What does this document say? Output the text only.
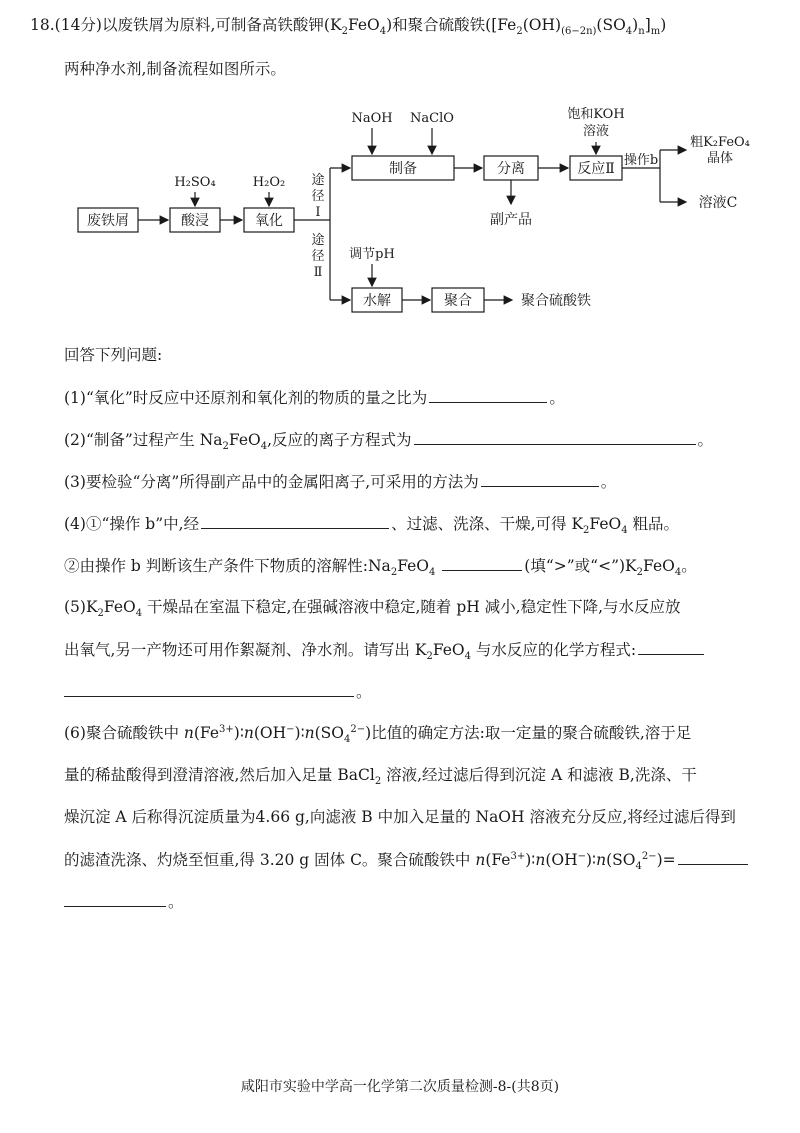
18.(14分)以废铁屑为原料,可制备高铁酸钾$(K_2FeO_4)$和聚合硫酸铁$([Fe_2(OH)_{(6-2n)}(SO_4)_n]_m)$
两种净水剂,制备流程如图所示。
废铁屑	酸浸	氧化
制备	分离	反应Ⅱ
水解	聚合
H₂SO₄	H₂O₂
NaOH NaClO	饱和KOH
溶液
调节pH
途
径
Ⅰ
途
径
Ⅱ
操作b
粗K₂FeO₄
晶体
溶液C
副产品
聚合硫酸铁
回答下列问题:
(1)“氧化”时反应中还原剂和氧化剂的物质的量之比为	。
(2)“制备”过程产生 $Na_2FeO_4$,反应的离子方程式为	。
(3)要检验“分离”所得副产品中的金属阳离子,可采用的方法为	。
(4)①“操作 b”中,经	、过滤、洗涤、干燥,可得 $K_2FeO_4$ 粗品。
②由操作 b 判断该生产条件下物质的溶解性$:Na_2FeO_4$	(填“>”或“$<”)K_2FeO_4$。
$(5)K_2FeO_4$ 干燥品在室温下稳定,在强碱溶液中稳定,随着 pH 减小,稳定性下降,与水反应放
出氧气,另一产物还可用作絮凝剂、净水剂。请写出 $K_2FeO_4$ 与水反应的化学方程式:
。
(6)聚合硫酸铁中 $n(Fe^{3+})∶n(OH^-)∶n(SO_4^{2-})$比值的确定方法:取一定量的聚合硫酸铁,溶于足
量的稀盐酸得到澄清溶液,然后加入足量 BaCl$_2$ 溶液,经过滤后得到沉淀 A 和滤液 B,洗涤、干
燥沉淀 A 后称得沉淀质量为4.66 g,向滤液 B 中加入足量的 NaOH 溶液充分反应,将经过滤后得到
的滤渣洗涤、灼烧至恒重,得 3.20 g 固体 C。聚合硫酸铁中 $n(Fe^{3+})∶n(OH^-)∶n(SO_4^{2-})=$
。
咸阳市实验中学高一化学第二次质量检测-8-(共8页)
